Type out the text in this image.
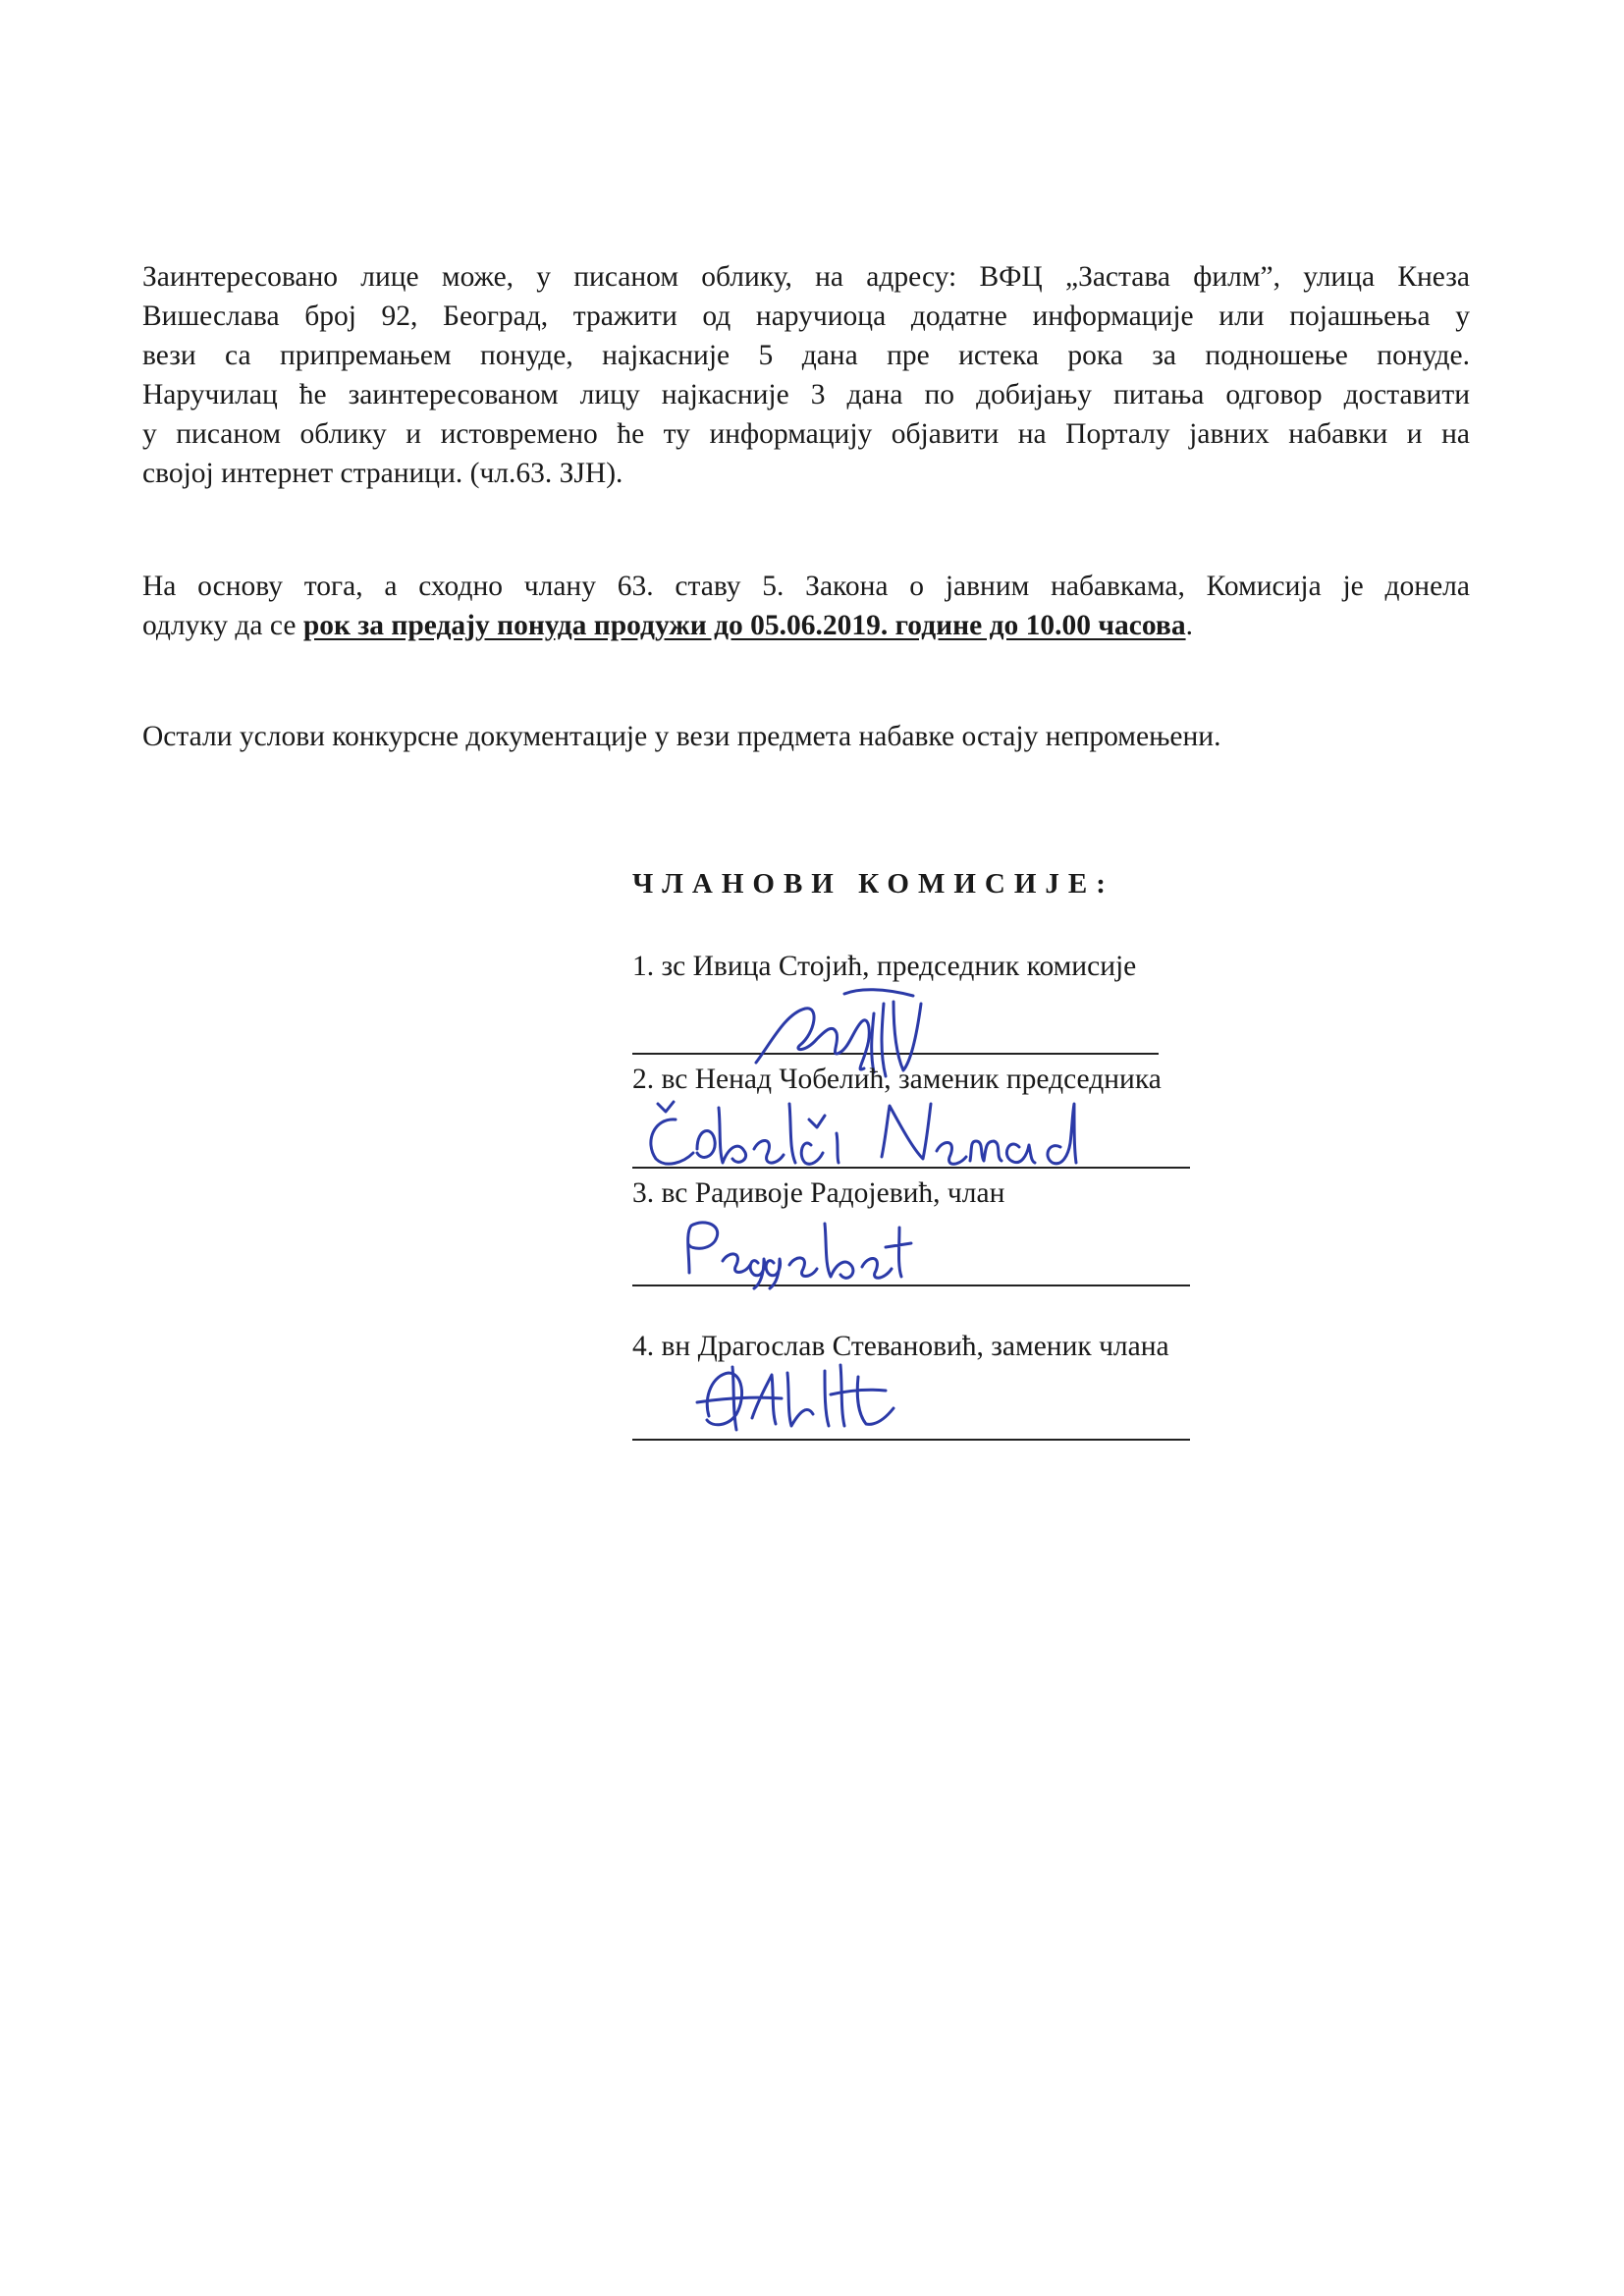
Заинтересовано лице може, у писаном облику, на адресу: ВФЦ „Застава филм”, улица Кнеза
Вишеслава број 92, Београд, тражити од наручиоца додатне информације или појашњења у
вези са припремањем понуде, најкасније 5 дана пре истека рока за подношење понуде.
Наручилац ће заинтересованом лицу најкасније 3 дана по добијању питања одговор доставити
у писаном облику и истовремено ће ту информацију објавити на Порталу јавних набавки и на
својој интернет страници. (чл.63. ЗЈН).

На основу тога, а сходно члану 63. ставу 5. Закона о јавним набавкама, Комисија је донела
одлуку да се рок за предају понуда продужи до 05.06.2019. године до 10.00 часова.

Остали услови конкурсне документације у вези предмета набавке остају непромењени.

ЧЛАНОВИ КОМИСИЈЕ:

1. зс Ивица Стојић, председник комисије

2. вс Ненад Чобелић, заменик председника

3. вс Радивоје Радојевић, члан

4. вн Драгослав Стевановић, заменик члана
